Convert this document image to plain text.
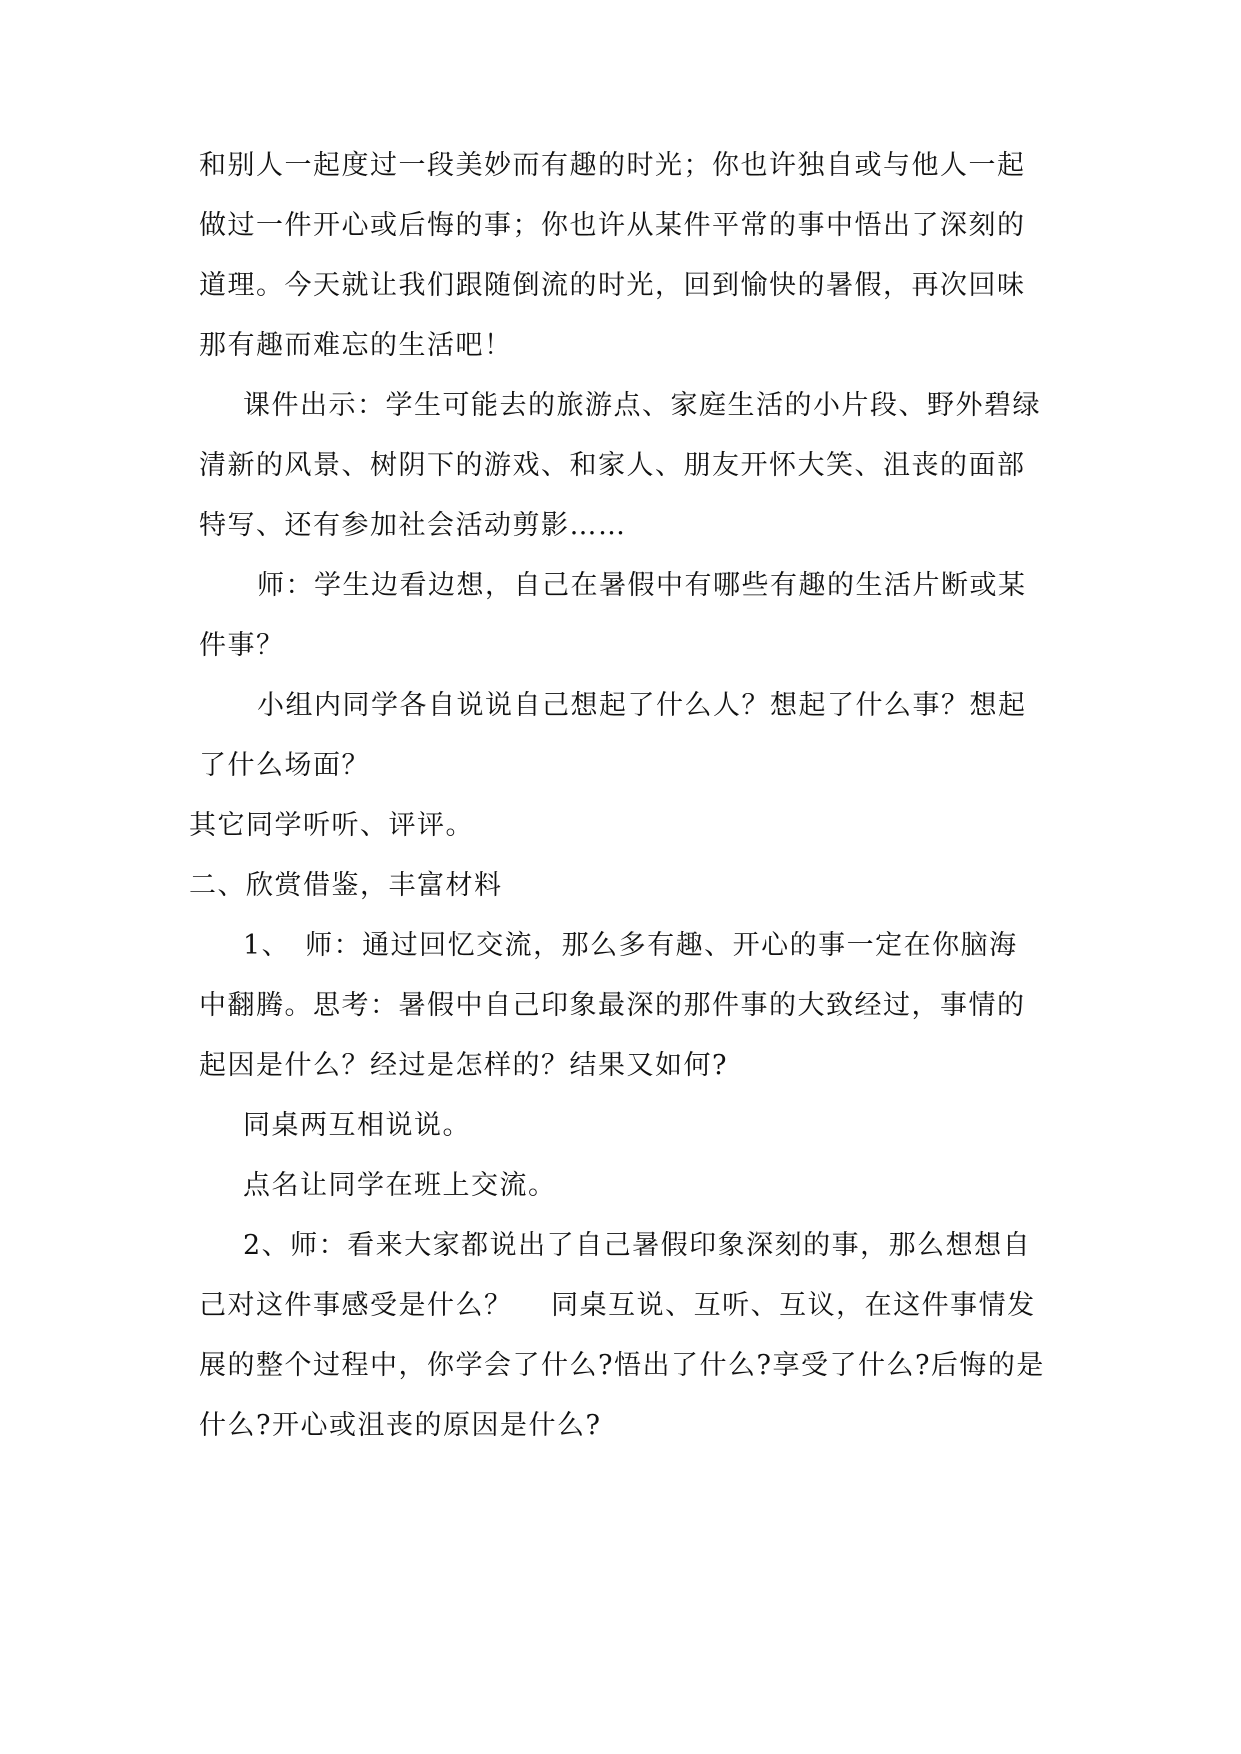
和别人一起度过一段美妙而有趣的时光；你也许独自或与他人一起
做过一件开心或后悔的事；你也许从某件平常的事中悟出了深刻的
道理。今天就让我们跟随倒流的时光，回到愉快的暑假，再次回味
那有趣而难忘的生活吧！
课件出示：学生可能去的旅游点、家庭生活的小片段、野外碧绿
清新的风景、树阴下的游戏、和家人、朋友开怀大笑、沮丧的面部
特写、还有参加社会活动剪影……
师：学生边看边想，自己在暑假中有哪些有趣的生活片断或某
件事？
小组内同学各自说说自己想起了什么人？想起了什么事？想起
了什么场面？
其它同学听听、评评。
二、欣赏借鉴，丰富材料
1、　师：通过回忆交流，那么多有趣、开心的事一定在你脑海
中翻腾。思考：暑假中自己印象最深的那件事的大致经过，事情的
起因是什么？经过是怎样的？结果又如何?
同桌两互相说说。
点名让同学在班上交流。
2、师：看来大家都说出了自己暑假印象深刻的事，那么想想自
己对这件事感受是什么？　 同桌互说、互听、互议，在这件事情发
展的整个过程中，你学会了什么?悟出了什么?享受了什么?后悔的是
什么?开心或沮丧的原因是什么?
